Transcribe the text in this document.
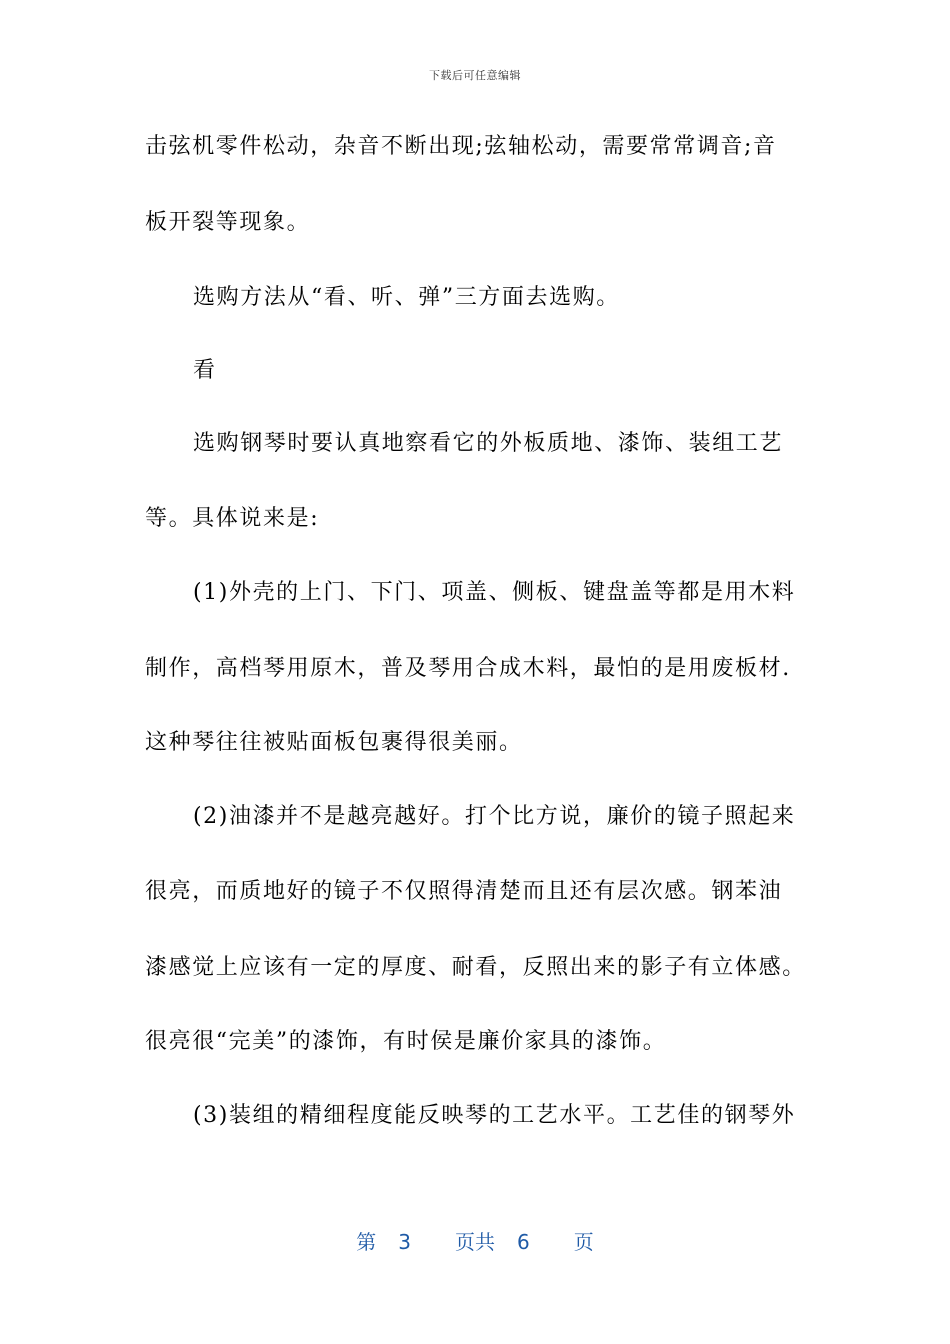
下载后可任意编辑
击弦机零件松动，杂音不断出现;弦轴松动，需要常常调音;音
板开裂等现象。
选购方法从“看、听、弹”三方面去选购。
看
选购钢琴时要认真地察看它的外板质地、漆饰、装组工艺
等。具体说来是:
(1)外壳的上门、下门、项盖、侧板、键盘盖等都是用木料
制作，高档琴用原木，普及琴用合成木料，最怕的是用废板材.
这种琴往往被贴面板包裹得很美丽。
(2)油漆并不是越亮越好。打个比方说，廉价的镜子照起来
很亮，而质地好的镜子不仅照得清楚而且还有层次感。钢苯油
漆感觉上应该有一定的厚度、耐看，反照出来的影子有立体感。
很亮很“完美”的漆饰，有时侯是廉价家具的漆饰。
(3)装组的精细程度能反映琴的工艺水平。工艺佳的钢琴外
第 3 页共 6 页
